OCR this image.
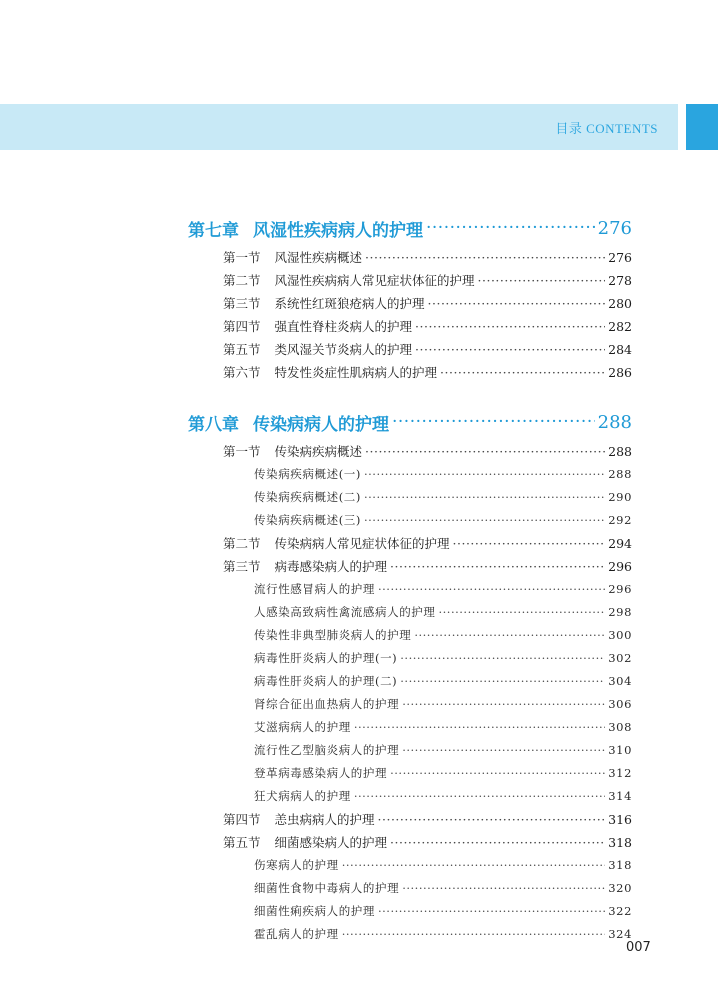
目录 CONTENTS
第七章 风湿性疾病病人的护理 ·····	276
第一节 风湿性疾病概述 ·····	276
第二节 风湿性疾病病人常见症状体征的护理 ·····	278
第三节 系统性红斑狼疮病人的护理 ·····	280
第四节 强直性脊柱炎病人的护理 ·····	282
第五节 类风湿关节炎病人的护理 ·····	284
第六节 特发性炎症性肌病病人的护理 ·····	286
第八章 传染病病人的护理 ·····	288
第一节 传染病疾病概述 ·····	288
传染病疾病概述(一) ·····	288
传染病疾病概述(二) ·····	290
传染病疾病概述(三) ·····	292
第二节 传染病病人常见症状体征的护理 ·····	294
第三节 病毒感染病人的护理 ·····	296
流行性感冒病人的护理 ·····	296
人感染高致病性禽流感病人的护理 ·····	298
传染性非典型肺炎病人的护理 ·····	300
病毒性肝炎病人的护理(一) ·····	302
病毒性肝炎病人的护理(二) ·····	304
肾综合征出血热病人的护理 ·····	306
艾滋病病人的护理 ·····	308
流行性乙型脑炎病人的护理 ·····	310
登革病毒感染病人的护理 ·····	312
狂犬病病人的护理 ·····	314
第四节 恙虫病病人的护理 ·····	316
第五节 细菌感染病人的护理 ·····	318
伤寒病人的护理 ·····	318
细菌性食物中毒病人的护理 ·····	320
细菌性痢疾病人的护理 ·····	322
霍乱病人的护理 ·····	324
007
